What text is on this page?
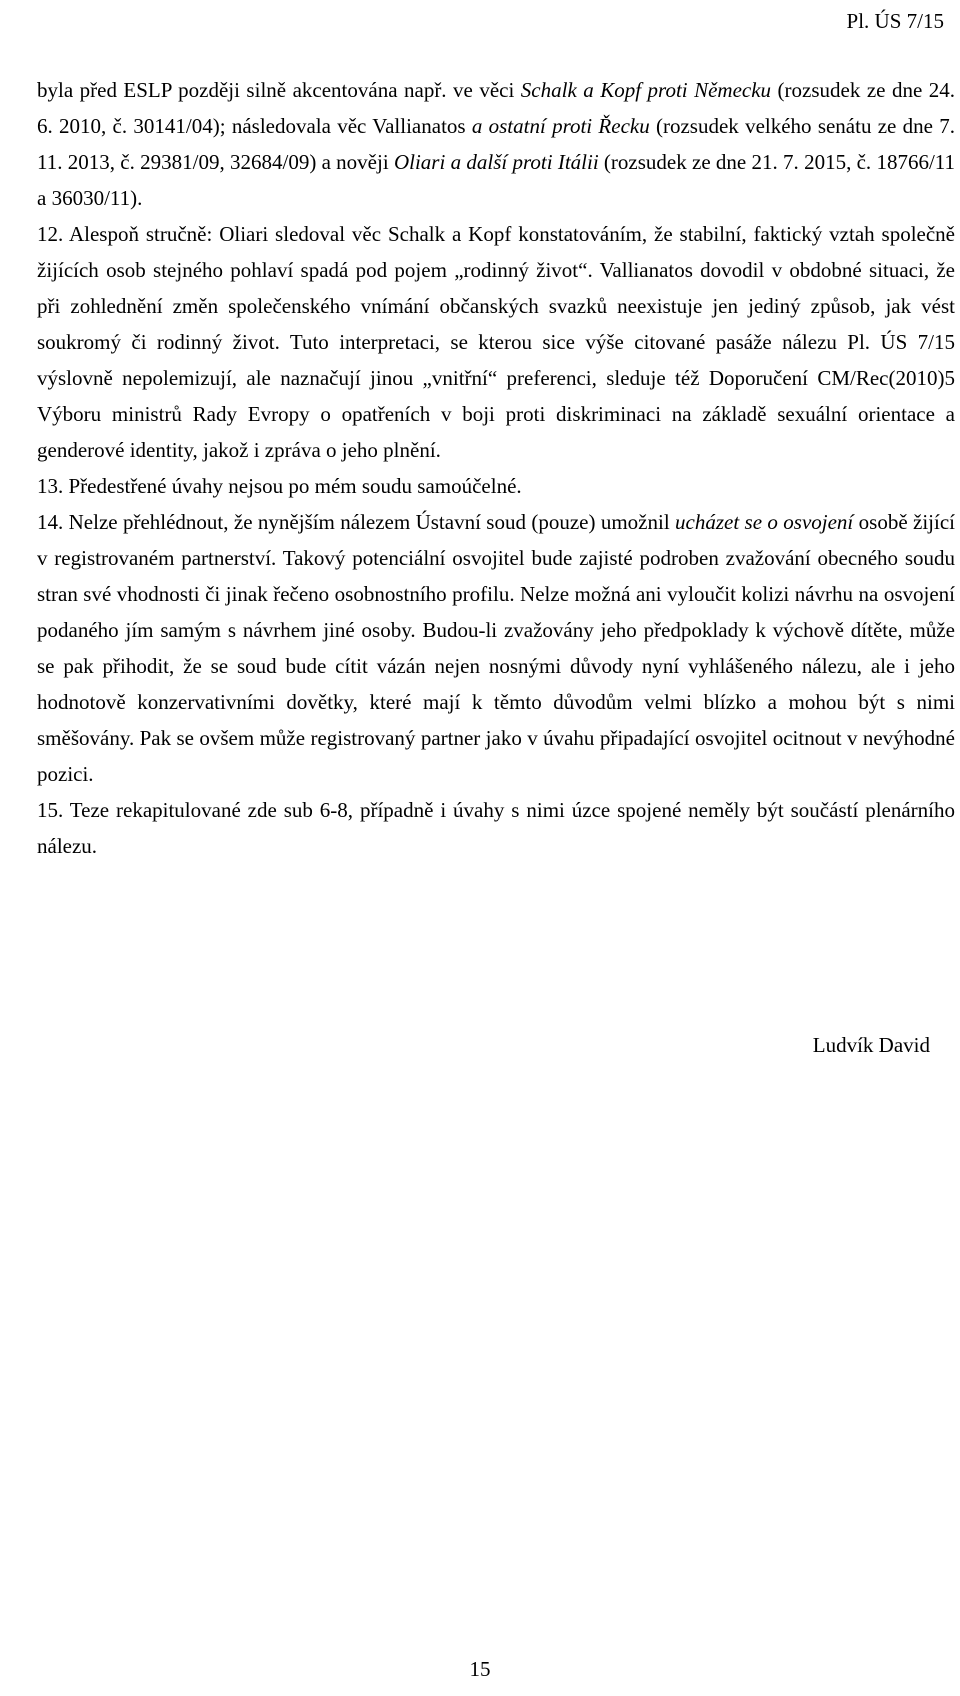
Pl. ÚS 7/15

byla před ESLP později silně akcentována např. ve věci Schalk a Kopf proti Německu (rozsudek ze dne 24. 6. 2010, č. 30141/04); následovala věc Vallianatos a ostatní proti Řecku (rozsudek velkého senátu ze dne 7. 11. 2013, č. 29381/09, 32684/09) a nověji Oliari a další proti Itálii (rozsudek ze dne 21. 7. 2015, č. 18766/11 a 36030/11).

12. Alespoň stručně: Oliari sledoval věc Schalk a Kopf konstatováním, že stabilní, faktický vztah společně žijících osob stejného pohlaví spadá pod pojem „rodinný život“. Vallianatos dovodil v obdobné situaci, že při zohlednění změn společenského vnímání občanských svazků neexistuje jen jediný způsob, jak vést soukromý či rodinný život. Tuto interpretaci, se kterou sice výše citované pasáže nálezu Pl. ÚS 7/15 výslovně nepolemizují, ale naznačují jinou „vnitřní“ preferenci, sleduje též Doporučení CM/Rec(2010)5 Výboru ministrů Rady Evropy o opatřeních v boji proti diskriminaci na základě sexuální orientace a genderové identity, jakož i zpráva o jeho plnění.

13. Předestřené úvahy nejsou po mém soudu samoúčelné.

14. Nelze přehlédnout, že nynějším nálezem Ústavní soud (pouze) umožnil ucházet se o osvojení osobě žijící v registrovaném partnerství. Takový potenciální osvojitel bude zajisté podroben zvažování obecného soudu stran své vhodnosti či jinak řečeno osobnostního profilu. Nelze možná ani vyloučit kolizi návrhu na osvojení podaného jím samým s návrhem jiné osoby. Budou-li zvažovány jeho předpoklady k výchově dítěte, může se pak přihodit, že se soud bude cítit vázán nejen nosnými důvody nyní vyhlášeného nálezu, ale i jeho hodnotově konzervativními dovětky, které mají k těmto důvodům velmi blízko a mohou být s nimi směšovány. Pak se ovšem může registrovaný partner jako v úvahu připadající osvojitel ocitnout v nevýhodné pozici.

15. Teze rekapitulované zde sub 6-8, případně i úvahy s nimi úzce spojené neměly být součástí plenárního nálezu.

Ludvík David
15
